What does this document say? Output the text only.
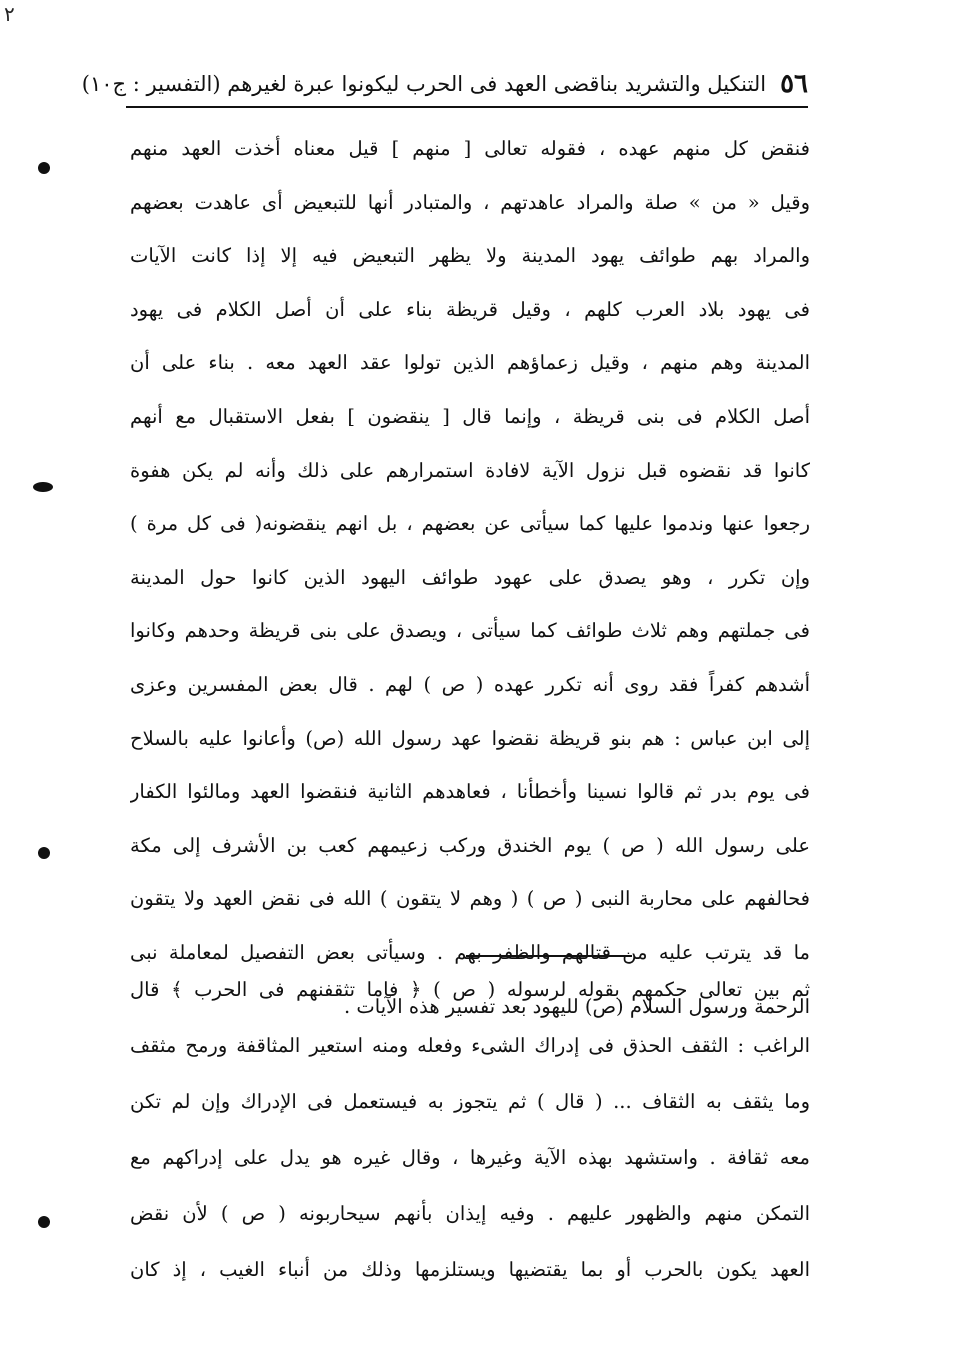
٢
٥٦
التنكيل والتشريد بناقضى العهد فى الحرب ليكونوا عبرة لغيرهم (التفسير : ج١٠)
فنقض كل منهم عهده ، فقوله تعالى [ منهم ] قيل معناه أخذت العهد منهم
وقيل « من » صلة والمراد عاهدتهم ، والمتبادر أنها للتبعيض أى عاهدت بعضهم
والمراد بهم طوائف يهود المدينة ولا يظهر التبعيض فيه إلا إذا كانت الآيات
فى يهود بلاد العرب كلهم ، وقيل قريظة بناء على أن أصل الكلام فى يهود
المدينة وهم منهم ، وقيل زعماؤهم الذين تولوا عقد العهد معه . بناء على أن
أصل الكلام فى بنى قريظة ، وإنما قال [ ينقضون ] بفعل الاستقبال مع أنهم
كانوا قد نقضوه قبل نزول الآية لافادة استمرارهم على ذلك وأنه لم يكن هفوة
رجعوا عنها وندموا عليها كما سيأتى عن بعضهم ، بل انهم ينقضونه( فى كل مرة )
وإن تكرر ، وهو يصدق على عهود طوائف اليهود الذين كانوا حول المدينة
فى جملتهم وهم ثلاث طوائف كما سيأتى ، ويصدق على بنى قريظة وحدهم وكانوا
أشدهم كفراً فقد روى أنه تكرر عهده ( ص ) لهم . قال بعض المفسرين وعزى
إلى ابن عباس : هم بنو قريظة نقضوا عهد رسول الله (ص) وأعانوا عليه بالسلاح
فى يوم بدر ثم قالوا نسينا وأخطأنا ، فعاهدهم الثانية فنقضوا العهد ومالئوا الكفار
على رسول الله ( ص ) يوم الخندق وركب زعيمهم كعب بن الأشرف إلى مكة
فحالفهم على محاربة النبى ( ص ) ( وهم لا يتقون ) الله فى نقض العهد ولا يتقون
ما قد يترتب عليه من قتالهم والظفر بهم . وسيأتى بعض التفصيل لمعاملة نبى
الرحمة ورسول السلام (ص) لليهود بعد تفسير هذه الآيات .
ثم بين تعالى حكمهم بقوله لرسوله ( ص ) ﴿ فاما تثقفنهم فى الحرب ﴾ قال
الراغب : الثقف الحذق فى إدراك الشىء وفعله ومنه استعير المثاقفة ورمح مثقف
وما يثقف به الثقاف ... ( قال ) ثم يتجوز به فيستعمل فى الإدراك وإن لم تكن
معه ثقافة . واستشهد بهذه الآية وغيرها ، وقال غيره هو يدل على إدراكهم مع
التمكن منهم والظهور عليهم . وفيه إيذان بأنهم سيحاربونه ( ص ) لأن نقض
العهد يكون بالحرب أو بما يقتضيها ويستلزمها وذلك من أنباء الغيب ، إذ كان
